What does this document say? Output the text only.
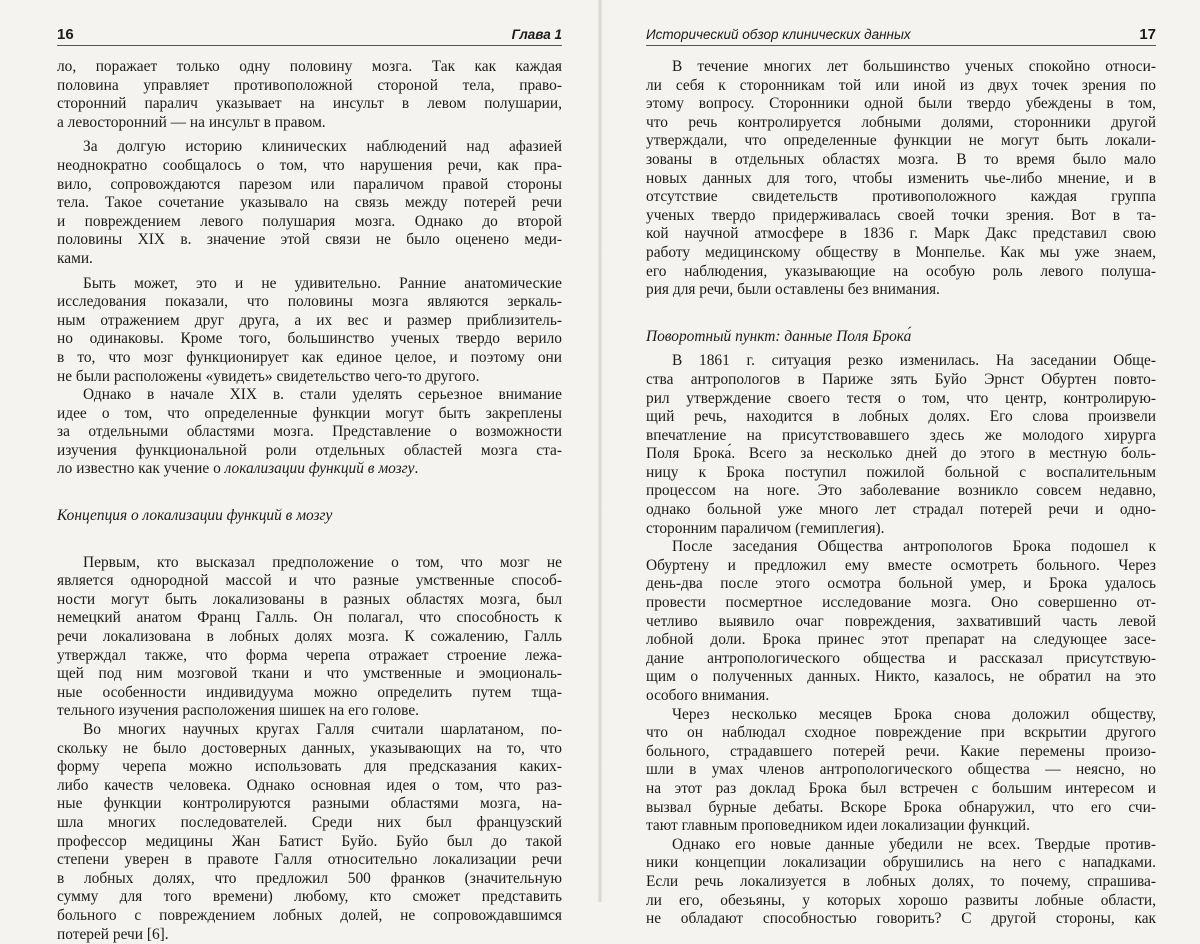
16	Глава 1
ло, поражает только одну половину мозга. Так как каждая
половина управляет противоположной стороной тела, право-
сторонний паралич указывает на инсульт в левом полушарии,
а левосторонний — на инсульт в правом.
За долгую историю клинических наблюдений над афазией
неоднократно сообщалось о том, что нарушения речи, как пра-
вило, сопровождаются парезом или параличом правой стороны
тела. Такое сочетание указывало на связь между потерей речи
и повреждением левого полушария мозга. Однако до второй
половины XIX в. значение этой связи не было оценено меди-
ками.
Быть может, это и не удивительно. Ранние анатомические
исследования показали, что половины мозга являются зеркаль-
ным отражением друг друга, а их вес и размер приблизитель-
но одинаковы. Кроме того, большинство ученых твердо верило
в то, что мозг функционирует как единое целое, и поэтому они
не были расположены «увидеть» свидетельство чего-то другого.
Однако в начале XIX в. стали уделять серьезное внимание
идее о том, что определенные функции могут быть закреплены
за отдельными областями мозга. Представление о возможности
изучения функциональной роли отдельных областей мозга ста-
ло известно как учение о локализации функций в мозгу.

Концепция о локализации функций в мозгу

Первым, кто высказал предположение о том, что мозг не
является однородной массой и что разные умственные способ-
ности могут быть локализованы в разных областях мозга, был
немецкий анатом Франц Галль. Он полагал, что способность к
речи локализована в лобных долях мозга. К сожалению, Галль
утверждал также, что форма черепа отражает строение лежа-
щей под ним мозговой ткани и что умственные и эмоциональ-
ные особенности индивидуума можно определить путем тща-
тельного изучения расположения шишек на его голове.
Во многих научных кругах Галля считали шарлатаном, по-
скольку не было достоверных данных, указывающих на то, что
форму черепа можно использовать для предсказания каких-
либо качеств человека. Однако основная идея о том, что раз-
ные функции контролируются разными областями мозга, на-
шла многих последователей. Среди них был французский
профессор медицины Жан Батист Буйо. Буйо был до такой
степени уверен в правоте Галля относительно локализации речи
в лобных долях, что предложил 500 франков (значительную
сумму для того времени) любому, кто сможет представить
больного с повреждением лобных долей, не сопровождавшимся
потерей речи [6].
Исторический обзор клинических данных	17
В течение многих лет большинство ученых спокойно относи-
ли себя к сторонникам той или иной из двух точек зрения по
этому вопросу. Сторонники одной были твердо убеждены в том,
что речь контролируется лобными долями, сторонники другой
утверждали, что определенные функции не могут быть локали-
зованы в отдельных областях мозга. В то время было мало
новых данных для того, чтобы изменить чье-либо мнение, и в
отсутствие свидетельств противоположного каждая группа
ученых твердо придерживалась своей точки зрения. Вот в та-
кой научной атмосфере в 1836 г. Марк Дакс представил свою
работу медицинскому обществу в Монпелье. Как мы уже знаем,
его наблюдения, указывающие на особую роль левого полуша-
рия для речи, были оставлены без внимания.

Поворотный пункт: данные Поля Брока́

В 1861 г. ситуация резко изменилась. На заседании Обще-
ства антропологов в Париже зять Буйо Эрнст Обуртен повто-
рил утверждение своего тестя о том, что центр, контролирую-
щий речь, находится в лобных долях. Его слова произвели
впечатление на присутствовавшего здесь же молодого хирурга
Поля Брока́. Всего за несколько дней до этого в местную боль-
ницу к Брока поступил пожилой больной с воспалительным
процессом на ноге. Это заболевание возникло совсем недавно,
однако больной уже много лет страдал потерей речи и одно-
сторонним параличом (гемиплегия).
После заседания Общества антропологов Брока подошел к
Обуртену и предложил ему вместе осмотреть больного. Через
день-два после этого осмотра больной умер, и Брока удалось
провести посмертное исследование мозга. Оно совершенно от-
четливо выявило очаг повреждения, захвативший часть левой
лобной доли. Брока принес этот препарат на следующее засе-
дание антропологического общества и рассказал присутствую-
щим о полученных данных. Никто, казалось, не обратил на это
особого внимания.
Через несколько месяцев Брока снова доложил обществу,
что он наблюдал сходное повреждение при вскрытии другого
больного, страдавшего потерей речи. Какие перемены произо-
шли в умах членов антропологического общества — неясно, но
на этот раз доклад Брока был встречен с большим интересом и
вызвал бурные дебаты. Вскоре Брока обнаружил, что его счи-
тают главным проповедником идеи локализации функций.
Однако его новые данные убедили не всех. Твердые против-
ники концепции локализации обрушились на него с нападками.
Если речь локализуется в лобных долях, то почему, спрашива-
ли его, обезьяны, у которых хорошо развиты лобные области,
не обладают способностью говорить? С другой стороны, как
